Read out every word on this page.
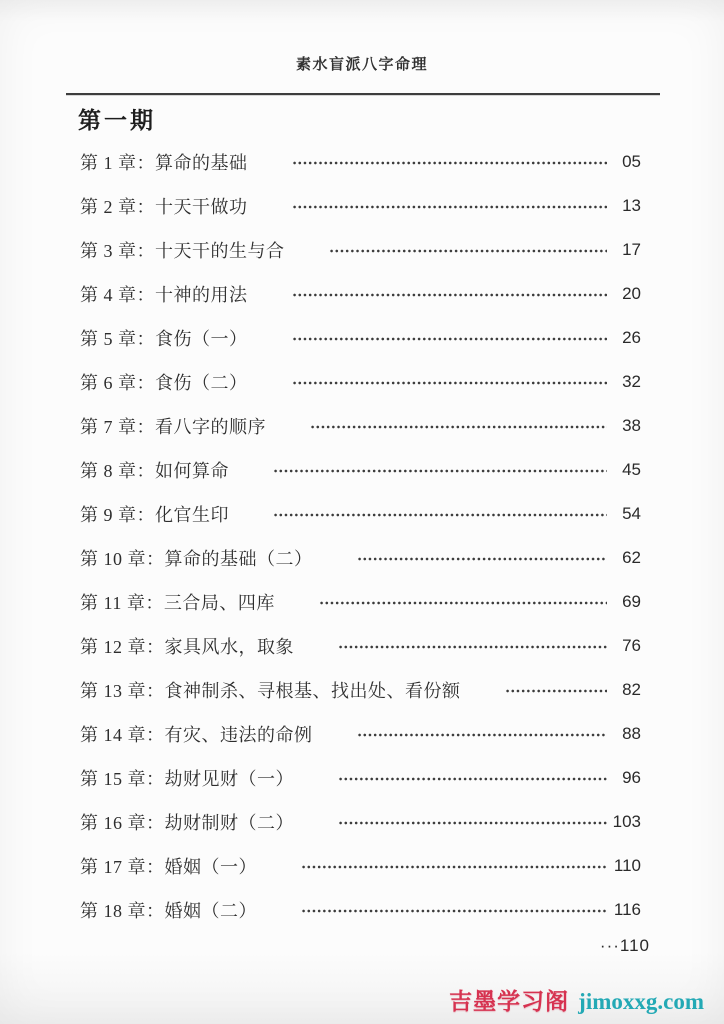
素水盲派八字命理
第一期
第 1 章：算命的基础	05
第 2 章：十天干做功	13
第 3 章：十天干的生与合	17
第 4 章：十神的用法	20
第 5 章：食伤（一）	26
第 6 章：食伤（二）	32
第 7 章：看八字的顺序	38
第 8 章：如何算命	45
第 9 章：化官生印	54
第 10 章：算命的基础（二）	62
第 11 章：三合局、四库	69
第 12 章：家具风水，取象	76
第 13 章：食神制杀、寻根基、找出处、看份额	82
第 14 章：有灾、违法的命例	88
第 15 章：劫财见财（一）	96
第 16 章：劫财制财（二）	103
第 17 章：婚姻（一）	110
第 18 章：婚姻（二）	116
···110
吉墨学习阁 jimoxxg.com
